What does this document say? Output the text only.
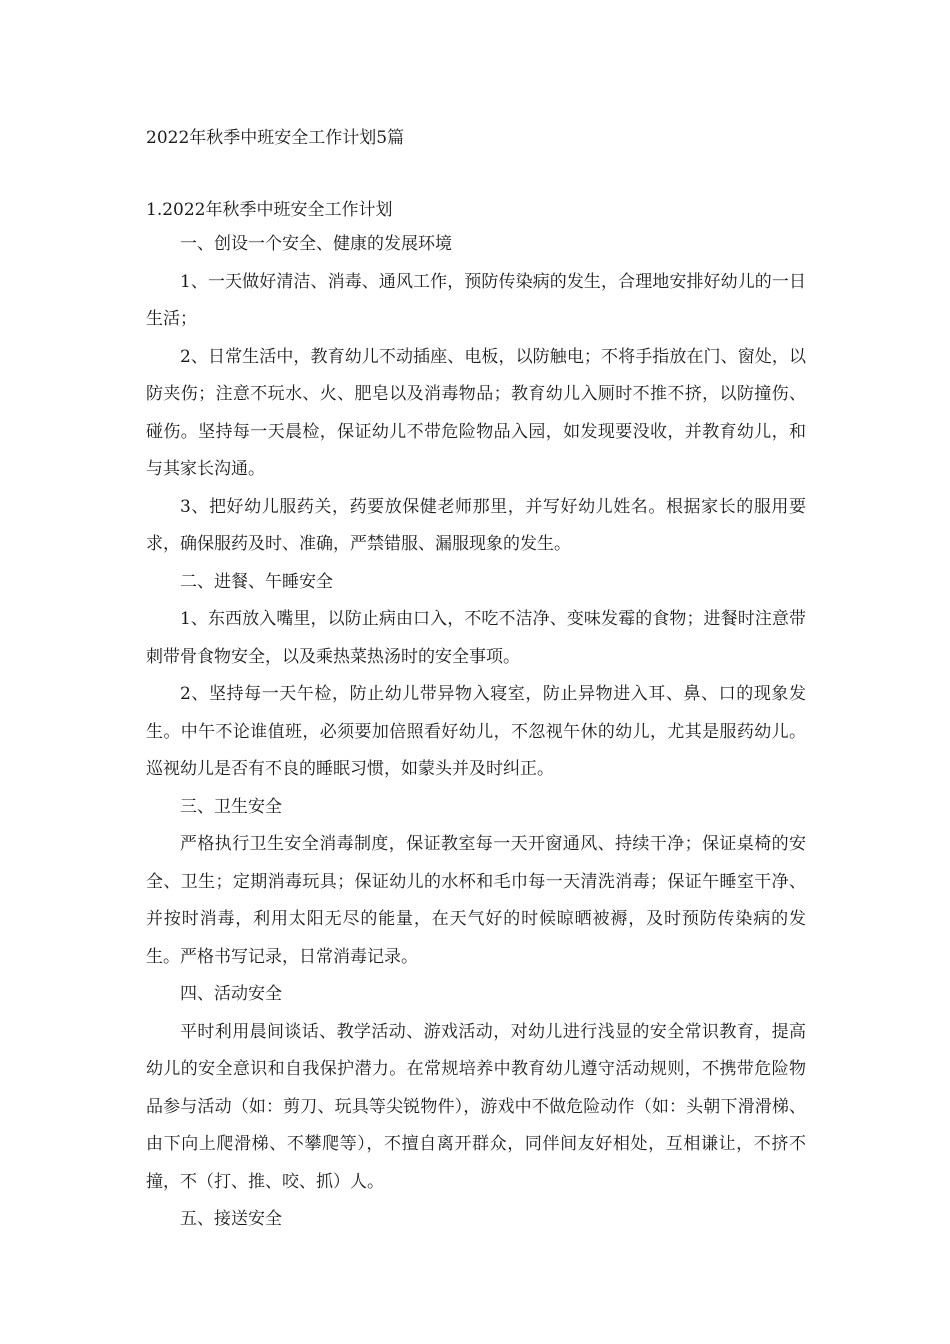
2022年秋季中班安全工作计划5篇
1.2022年秋季中班安全工作计划

一、创设一个安全、健康的发展环境

1、一天做好清洁、消毒、通风工作，预防传染病的发生，合理地安排好幼儿的一日生活；

2、日常生活中，教育幼儿不动插座、电板，以防触电；不将手指放在门、窗处，以防夹伤；注意不玩水、火、肥皂以及消毒物品；教育幼儿入厕时不推不挤，以防撞伤、碰伤。坚持每一天晨检，保证幼儿不带危险物品入园，如发现要没收，并教育幼儿，和与其家长沟通。

3、把好幼儿服药关，药要放保健老师那里，并写好幼儿姓名。根据家长的服用要求，确保服药及时、准确，严禁错服、漏服现象的发生。

二、进餐、午睡安全

1、东西放入嘴里，以防止病由口入，不吃不洁净、变味发霉的食物；进餐时注意带刺带骨食物安全，以及乘热菜热汤时的安全事项。

2、坚持每一天午检，防止幼儿带异物入寝室，防止异物进入耳、鼻、口的现象发生。中午不论谁值班，必须要加倍照看好幼儿，不忽视午休的幼儿，尤其是服药幼儿。巡视幼儿是否有不良的睡眠习惯，如蒙头并及时纠正。

三、卫生安全

严格执行卫生安全消毒制度，保证教室每一天开窗通风、持续干净；保证桌椅的安全、卫生；定期消毒玩具；保证幼儿的水杯和毛巾每一天清洗消毒；保证午睡室干净、并按时消毒，利用太阳无尽的能量，在天气好的时候晾晒被褥，及时预防传染病的发生。严格书写记录，日常消毒记录。

四、活动安全

平时利用晨间谈话、教学活动、游戏活动，对幼儿进行浅显的安全常识教育，提高幼儿的安全意识和自我保护潜力。在常规培养中教育幼儿遵守活动规则，不携带危险物品参与活动（如：剪刀、玩具等尖锐物件），游戏中不做危险动作（如：头朝下滑滑梯、由下向上爬滑梯、不攀爬等），不擅自离开群众，同伴间友好相处，互相谦让，不挤不撞，不（打、推、咬、抓）人。

五、接送安全
